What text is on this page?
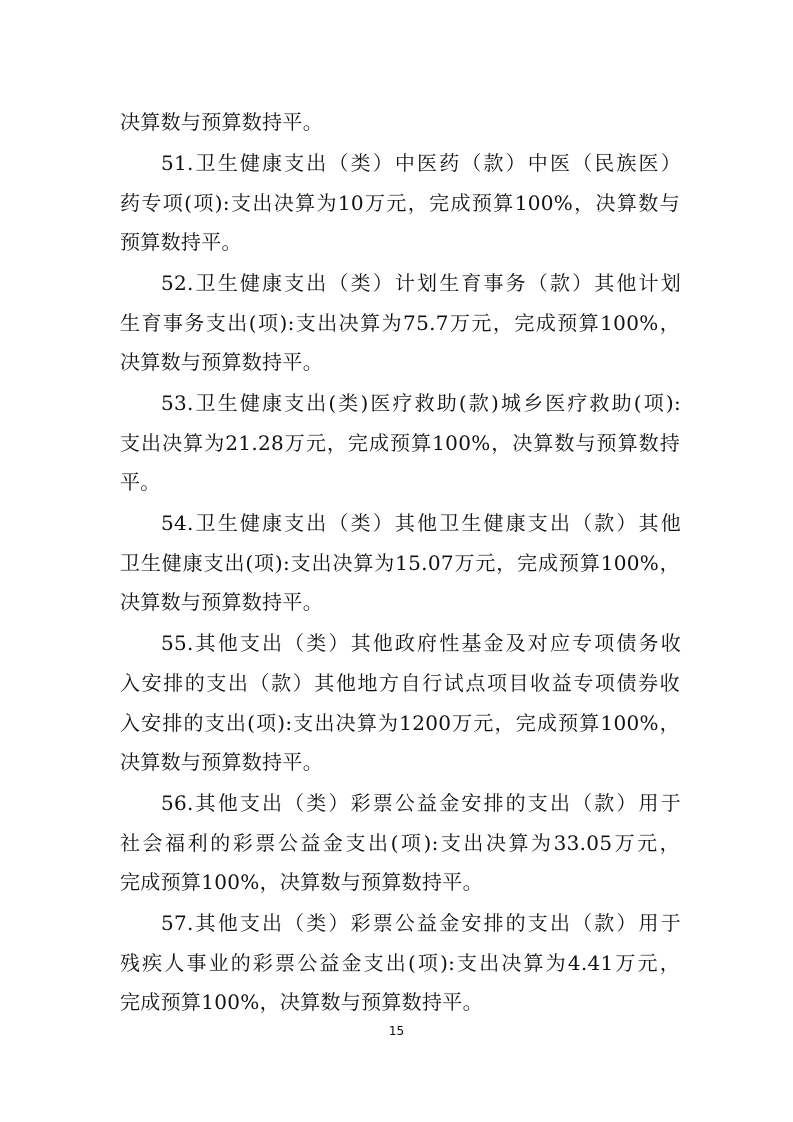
决算数与预算数持平。
51.卫生健康支出（类）中医药（款）中医（民族医）
药专项(项):支出决算为10万元，完成预算100%，决算数与
预算数持平。
52.卫生健康支出（类）计划生育事务（款）其他计划
生育事务支出(项):支出决算为75.7万元，完成预算100%，
决算数与预算数持平。
53.卫生健康支出(类)医疗救助(款)城乡医疗救助(项):
支出决算为21.28万元，完成预算100%，决算数与预算数持
平。
54.卫生健康支出（类）其他卫生健康支出（款）其他
卫生健康支出(项):支出决算为15.07万元，完成预算100%，
决算数与预算数持平。
55.其他支出（类）其他政府性基金及对应专项债务收
入安排的支出（款）其他地方自行试点项目收益专项债券收
入安排的支出(项):支出决算为1200万元，完成预算100%，
决算数与预算数持平。
56.其他支出（类）彩票公益金安排的支出（款）用于
社会福利的彩票公益金支出(项):支出决算为33.05万元，
完成预算100%，决算数与预算数持平。
57.其他支出（类）彩票公益金安排的支出（款）用于
残疾人事业的彩票公益金支出(项):支出决算为4.41万元，
完成预算100%，决算数与预算数持平。
15
